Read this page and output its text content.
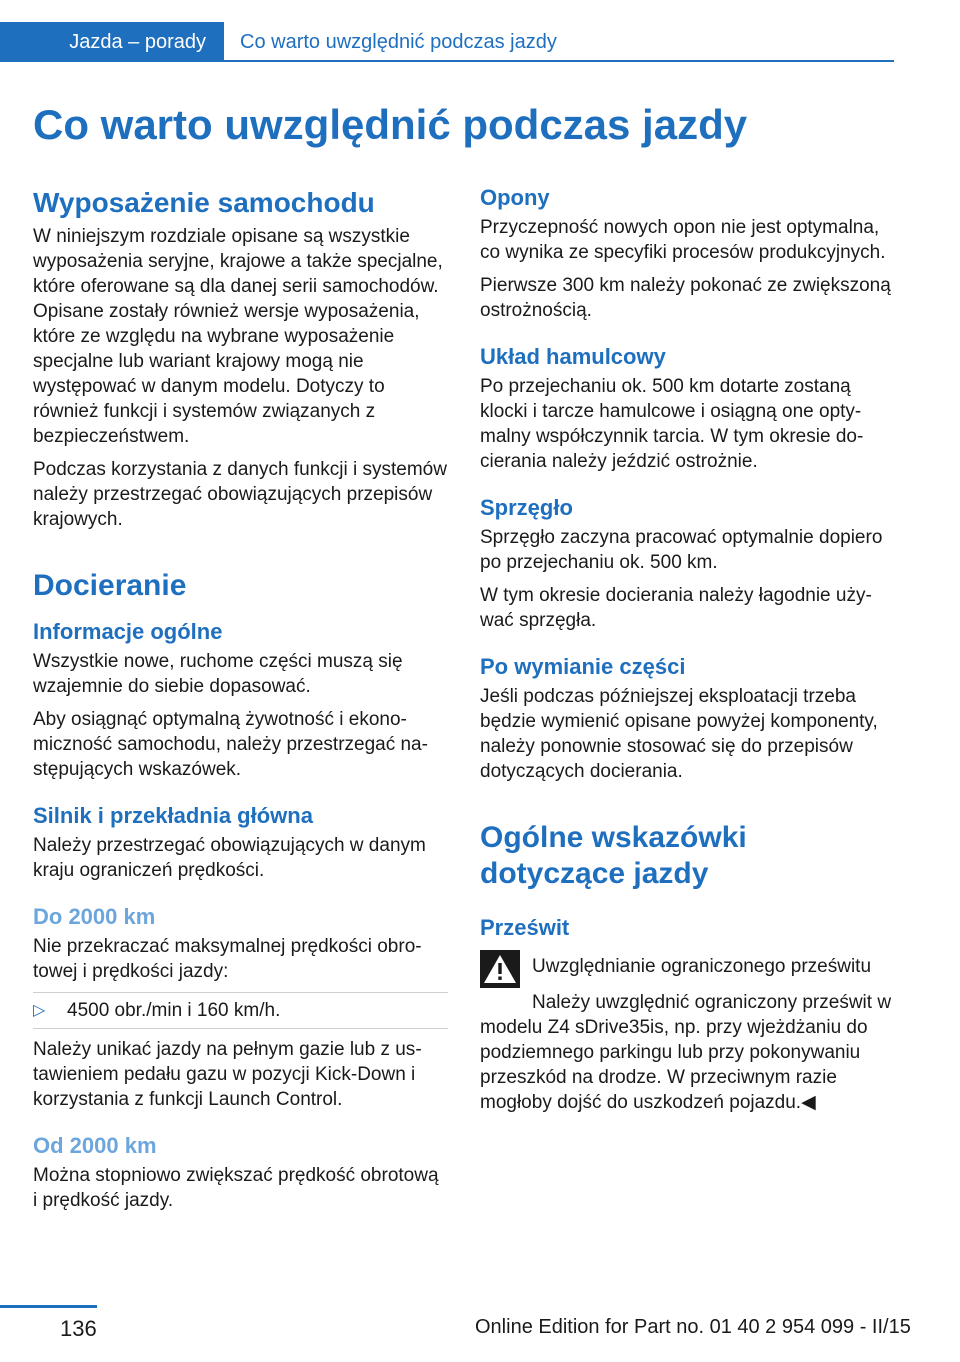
Jazda – porady	Co warto uwzględnić podczas jazdy
Co warto uwzględnić podczas jazdy
Wyposażenie samochodu

W niniejszym rozdziale opisane są wszystkie wyposażenia seryjne, krajowe a także specjalne, które oferowane są dla danej serii samochodów. Opisane zostały również wersje wyposażenia, które ze względu na wybrane wyposażenie specjalne lub wariant krajowy mogą nie występować w danym modelu. Dotyczy to również funkcji i systemów związanych z bezpieczeństwem.

Podczas korzystania z danych funkcji i systemów należy przestrzegać obowiązujących przepisów krajowych.

Docieranie
Informacje ogólne

Wszystkie nowe, ruchome części muszą się wzajemnie do siebie dopasować.

Aby osiągnąć optymalną żywotność i ekonomiczność samochodu, należy przestrzegać następujących wskazówek.

Silnik i przekładnia główna

Należy przestrzegać obowiązujących w danym kraju ograniczeń prędkości.

Do 2000 km

Nie przekraczać maksymalnej prędkości obrotowej i prędkości jazdy:

▷	4500 obr./min i 160 km/h.

Należy unikać jazdy na pełnym gazie lub z ustawieniem pedału gazu w pozycji Kick-Down i korzystania z funkcji Launch Control.

Od 2000 km

Można stopniowo zwiększać prędkość obrotową i prędkość jazdy.

Opony

Przyczepność nowych opon nie jest optymalna, co wynika ze specyfiki procesów produkcyjnych.

Pierwsze 300 km należy pokonać ze zwiększoną ostrożnością.

Układ hamulcowy

Po przejechaniu ok. 500 km dotarte zostaną klocki i tarcze hamulcowe i osiągną one optymalny współczynnik tarcia. W tym okresie docierania należy jeździć ostrożnie.

Sprzęgło

Sprzęgło zaczyna pracować optymalnie dopiero po przejechaniu ok. 500 km.

W tym okresie docierania należy łagodnie używać sprzęgła.

Po wymianie części

Jeśli podczas późniejszej eksploatacji trzeba będzie wymienić opisane powyżej komponenty, należy ponownie stosować się do przepisów dotyczących docierania.

Ogólne wskazówki dotyczące jazdy
Prześwit
Uwzględnianie ograniczonego prześwitu

Należy uwzględnić ograniczony prześwit w modelu Z4 sDrive35is, np. przy wjeżdżaniu do podziemnego parkingu lub przy pokonywaniu przeszkód na drodze. W przeciwnym razie mogłoby dojść do uszkodzeń pojazdu.◀

136	Online Edition for Part no. 01 40 2 954 099 - II/15
